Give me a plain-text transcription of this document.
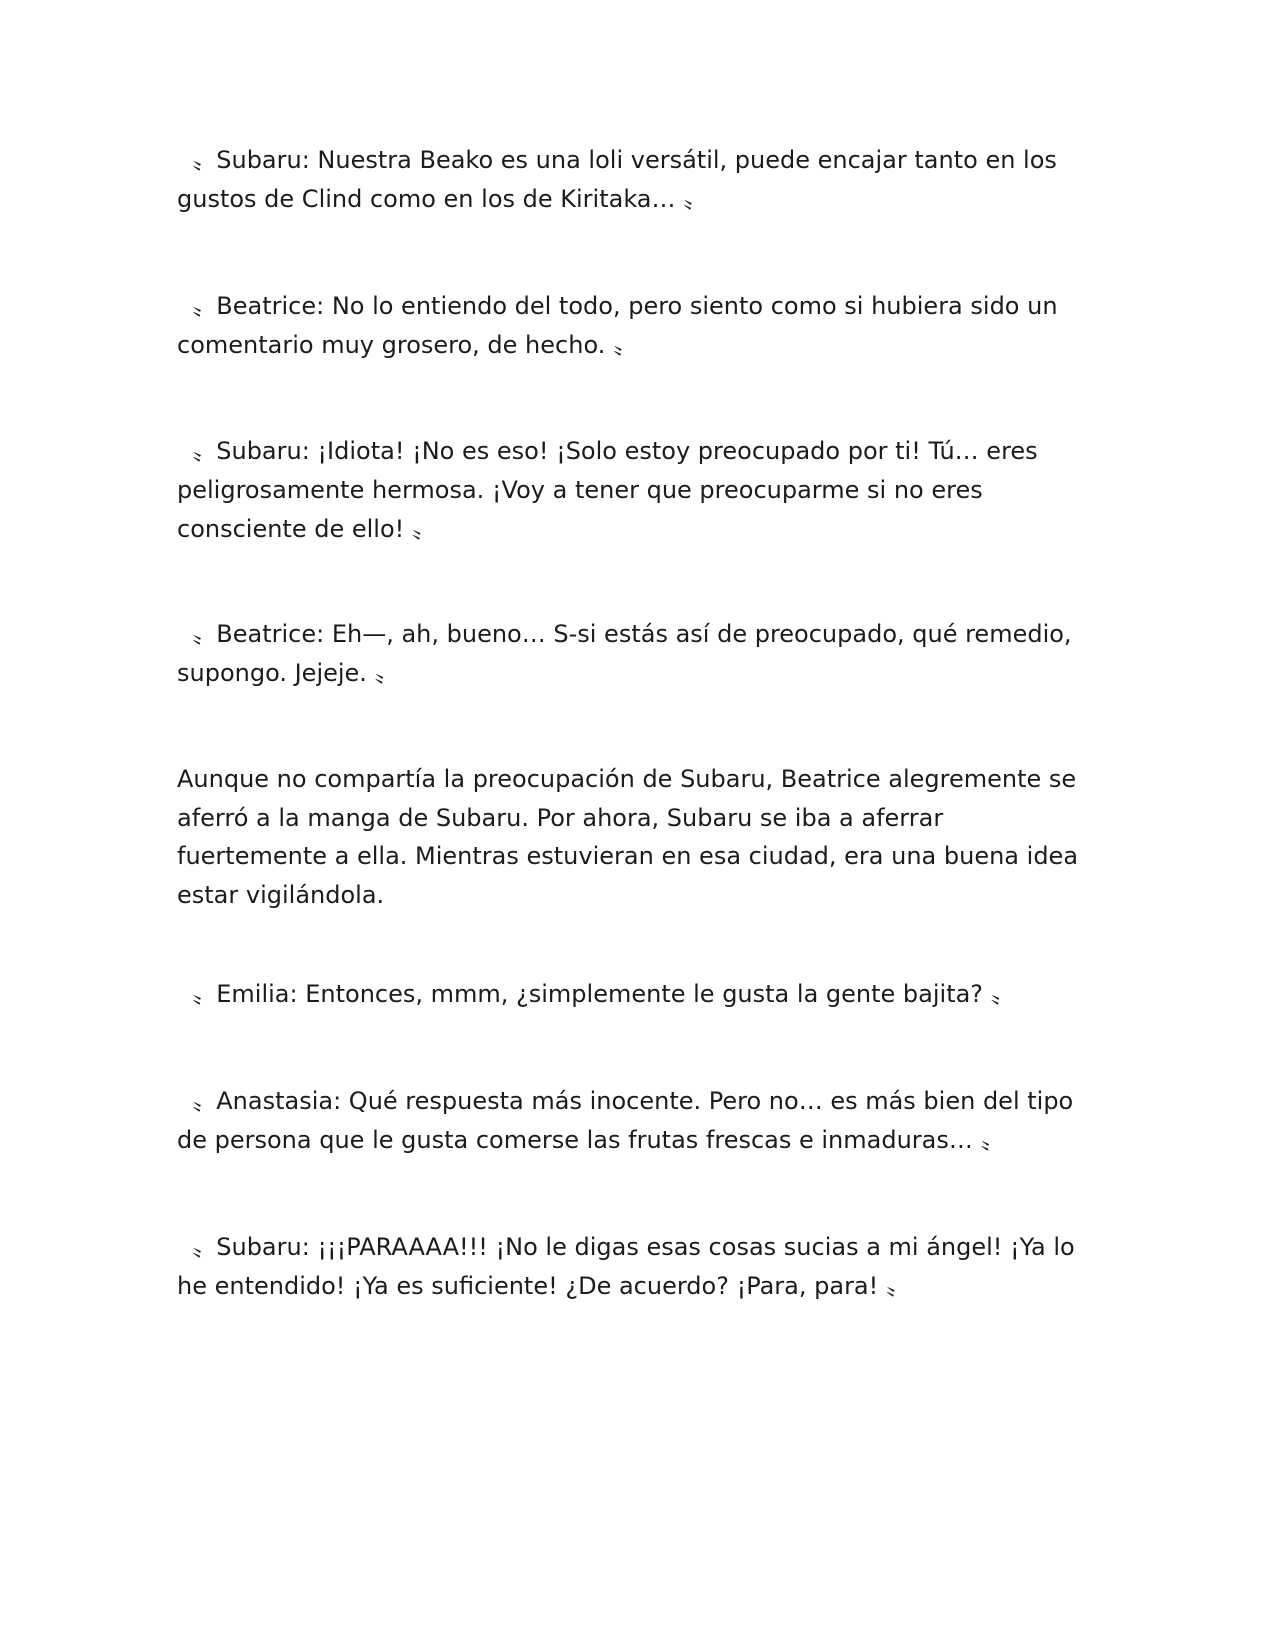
〟Subaru: Nuestra Beako es una loli versátil, puede encajar tanto en los gustos de Clind como en los de Kiritaka… 〟

〟Beatrice: No lo entiendo del todo, pero siento como si hubiera sido un comentario muy grosero, de hecho. 〟

〟Subaru: ¡Idiota! ¡No es eso! ¡Solo estoy preocupado por ti! Tú… eres peligrosamente hermosa. ¡Voy a tener que preocuparme si no eres consciente de ello! 〟

〟Beatrice: Eh—, ah, bueno… S-si estás así de preocupado, qué remedio, supongo. Jejeje. 〟

Aunque no compartía la preocupación de Subaru, Beatrice alegremente se aferró a la manga de Subaru. Por ahora, Subaru se iba a aferrar fuertemente a ella. Mientras estuvieran en esa ciudad, era una buena idea estar vigilándola.

〟Emilia: Entonces, mmm, ¿simplemente le gusta la gente bajita? 〟

〟Anastasia: Qué respuesta más inocente. Pero no… es más bien del tipo de persona que le gusta comerse las frutas frescas e inmaduras… 〟

〟Subaru: ¡¡¡PARAAAA!!! ¡No le digas esas cosas sucias a mi ángel! ¡Ya lo he entendido! ¡Ya es suficiente! ¿De acuerdo? ¡Para, para! 〟
